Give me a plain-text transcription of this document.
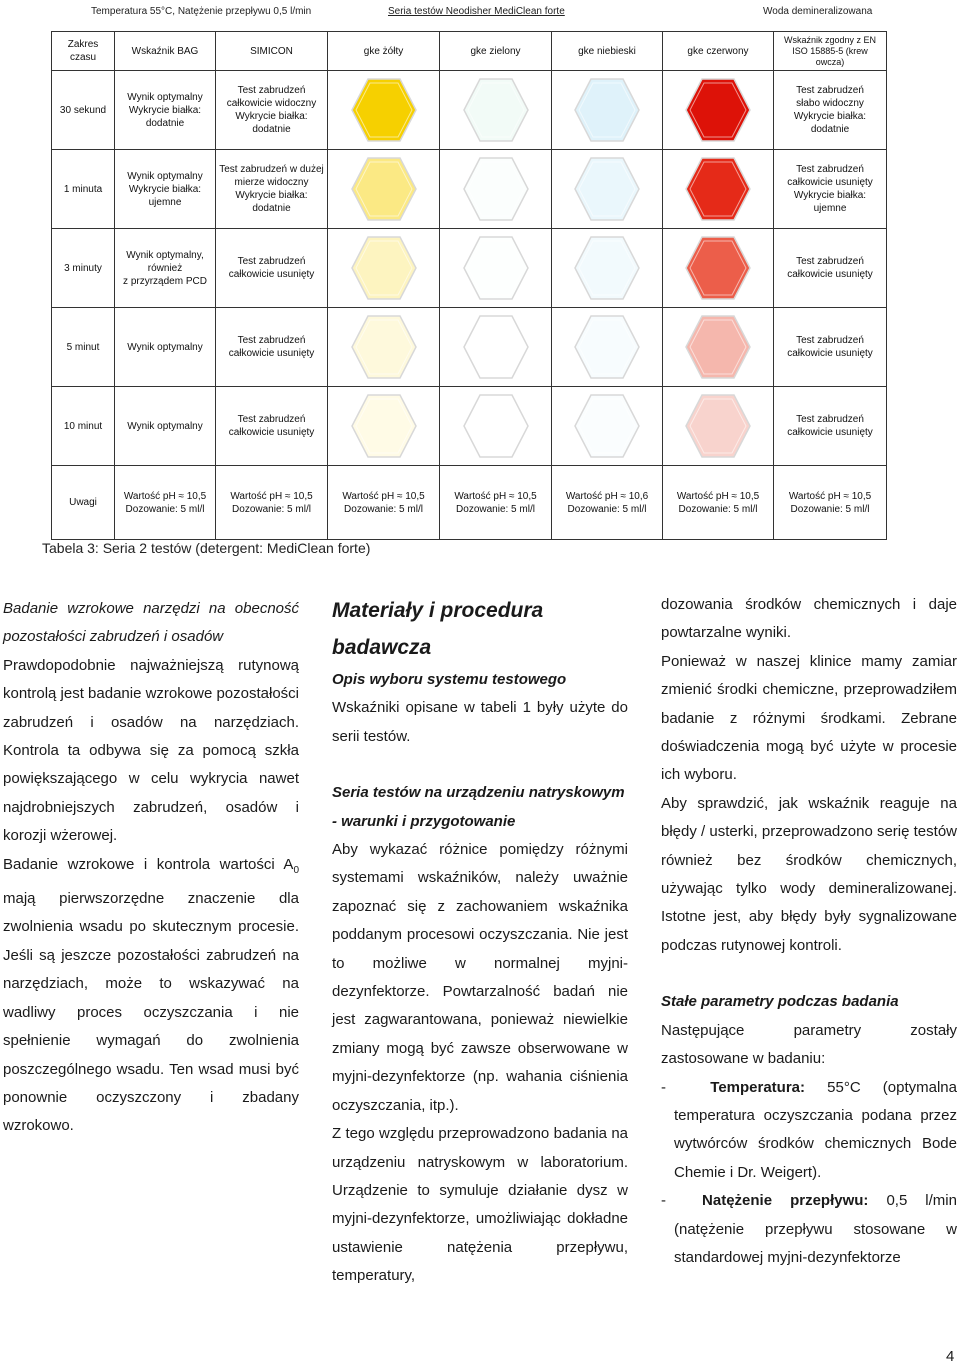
Temperatura 55°C, Natężenie przepływu 0,5 l/min	Seria testów Neodisher MediClean forte	Woda demineralizowana
Zakres czasu	Wskaźnik BAG	SIMICON	gke żółty	gke zielony	gke niebieski	gke czerwony	Wskaźnik zgodny z EN ISO 15885-5 (krew owcza)
30 sekund	Wynik optymalny
Wykrycie białka:
dodatnie	Test zabrudzeń
całkowicie widoczny
Wykrycie białka:
dodatnie					Test zabrudzeń
słabo widoczny
Wykrycie białka:
dodatnie
1 minuta	Wynik optymalny
Wykrycie białka:
ujemne	Test zabrudzeń w dużej
mierze widoczny
Wykrycie białka:
dodatnie					Test zabrudzeń
całkowicie usunięty
Wykrycie białka:
ujemne
3 minuty	Wynik optymalny,
również
z przyrządem PCD	Test zabrudzeń
całkowicie usunięty					Test zabrudzeń
całkowicie usunięty
5 minut	Wynik optymalny	Test zabrudzeń
całkowicie usunięty					Test zabrudzeń
całkowicie usunięty
10 minut	Wynik optymalny	Test zabrudzeń
całkowicie usunięty					Test zabrudzeń
całkowicie usunięty
Uwagi	Wartość pH ≈ 10,5
Dozowanie: 5 ml/l	Wartość pH ≈ 10,5
Dozowanie: 5 ml/l	Wartość pH ≈ 10,5
Dozowanie: 5 ml/l	Wartość pH ≈ 10,5
Dozowanie: 5 ml/l	Wartość pH ≈ 10,6
Dozowanie: 5 ml/l	Wartość pH ≈ 10,5
Dozowanie: 5 ml/l	Wartość pH ≈ 10,5
Dozowanie: 5 ml/l
Tabela 3: Seria 2 testów (detergent: MediClean forte)

Badanie wzrokowe narzędzi na obecność pozostałości zabrudzeń i osadów

Prawdopodobnie najważniejszą rutynową kontrolą jest badanie wzrokowe pozostałości zabrudzeń i osadów na narzędziach. Kontrola ta odbywa się za pomocą szkła powiększającego w celu wykrycia nawet najdrobniejszych zabrudzeń, osadów i korozji wżerowej.

Badanie wzrokowe i kontrola wartości $A_0$ mają pierwszorzędne znaczenie dla zwolnienia wsadu po skutecznym procesie. Jeśli są jeszcze pozostałości zabrudzeń na narzędziach, może to wskazywać na wadliwy proces oczyszczania i nie spełnienie wymagań do zwolnienia poszczególnego wsadu. Ten wsad musi być ponownie oczyszczony i zbadany wzrokowo.

Materiały i procedura badawcza

Opis wyboru systemu testowego

Wskaźniki opisane w tabeli 1 były użyte do serii testów.

Seria testów na urządzeniu natryskowym - warunki i przygotowanie

Aby wykazać różnice pomiędzy różnymi systemami wskaźników, należy uważnie zapoznać się z zachowaniem wskaźnika poddanym procesowi oczyszczania. Nie jest to możliwe w normalnej myjni-dezynfektorze. Powtarzalność badań nie jest zagwarantowana, ponieważ niewielkie zmiany mogą być zawsze obserwowane w myjni-dezynfektorze (np. wahania ciśnienia oczyszczania, itp.).

Z tego względu przeprowadzono badania na urządzeniu natryskowym w laboratorium. Urządzenie to symuluje działanie dysz w myjni-dezynfektorze, umożliwiając dokładne ustawienie natężenia przepływu, temperatury,

dozowania środków chemicznych i daje powtarzalne wyniki.

Ponieważ w naszej klinice mamy zamiar zmienić środki chemiczne, przeprowadziłem badanie z różnymi środkami. Zebrane doświadczenia mogą być użyte w procesie ich wyboru.

Aby sprawdzić, jak wskaźnik reaguje na błędy / usterki, przeprowadzono serię testów również bez środków chemicznych, używając tylko wody demineralizowanej. Istotne jest, aby błędy były sygnalizowane podczas rutynowej kontroli.

Stałe parametry podczas badania

Następujące parametry zostały zastosowane w badaniu:

-  Temperatura: 55°C (optymalna temperatura oczyszczania podana przez wytwórców środków chemicznych Bode Chemie i Dr. Weigert).

-  Natężenie przepływu: 0,5 l/min (natężenie przepływu stosowane w standardowej myjni-dezynfektorze

4
